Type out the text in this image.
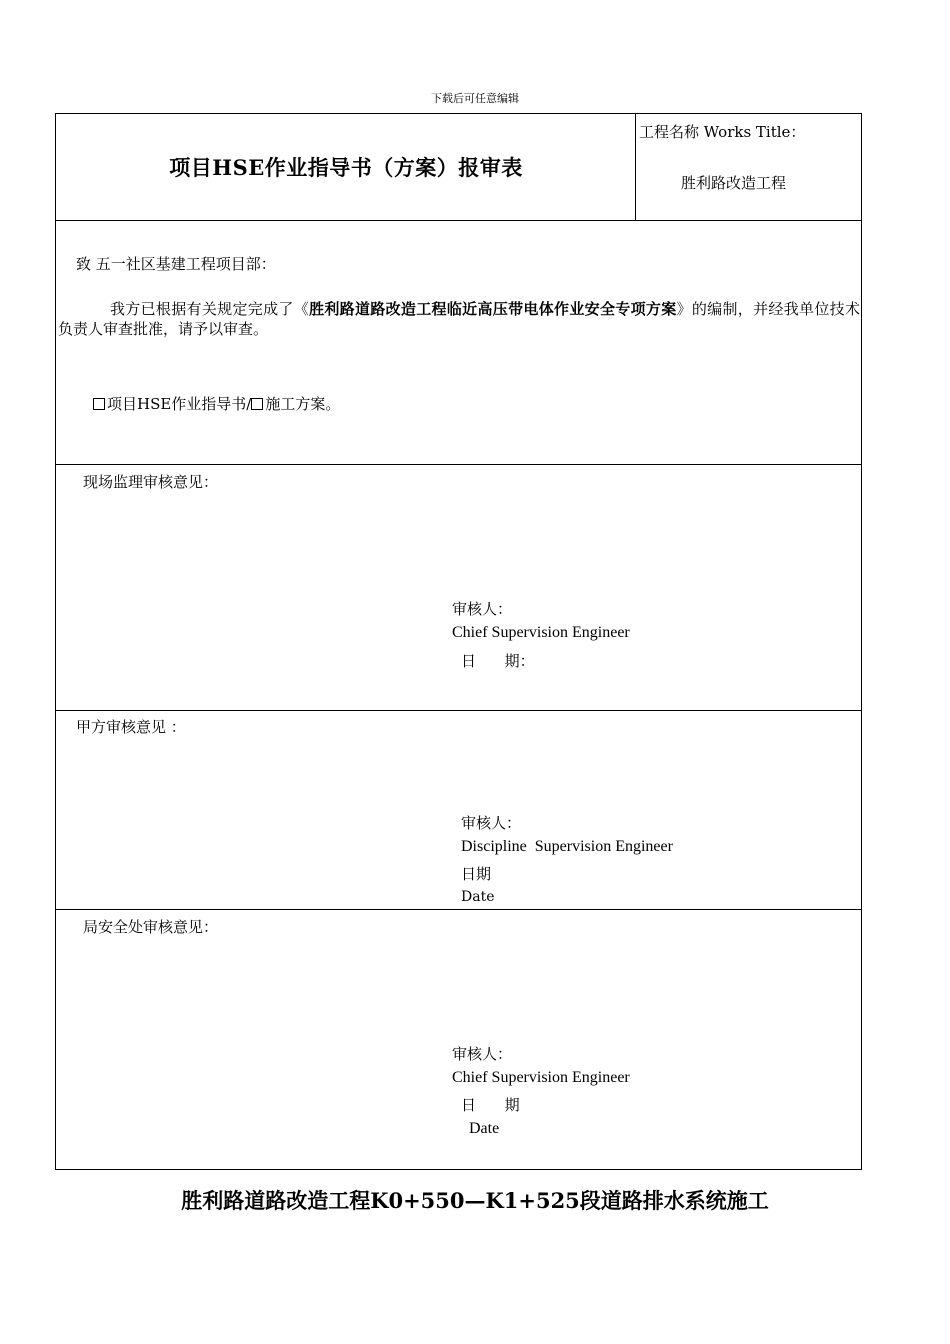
下载后可任意编辑
项目HSE作业指导书（方案）报审表
工程名称 Works Title：
胜利路改造工程
致 五一社区基建工程项目部：
我方已根据有关规定完成了《胜利路道路改造工程临近高压带电体作业安全专项方案》的编制，并经我单位技术负责人审查批准，请予以审查。
项目HSE作业指导书/ 施工方案。
现场监理审核意见：
审核人：
Chief Supervision Engineer
日      期：
甲方审核意见 ：
审核人：
Discipline  Supervision Engineer
日期
Date
局安全处审核意见：
审核人：
Chief Supervision Engineer
日      期
Date
胜利路道路改造工程K0+550—K1+525段道路排水系统施工
